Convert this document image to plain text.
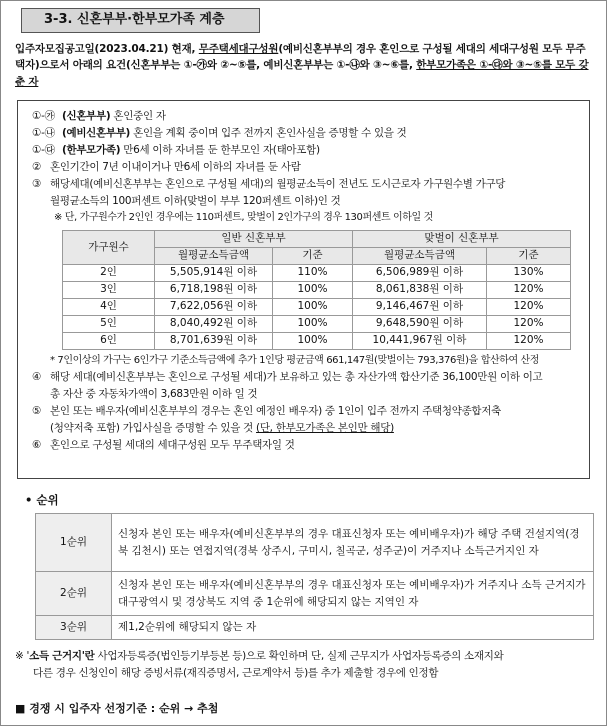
3-3. 신혼부부·한부모가족 계층
입주자모집공고일(2023.04.21) 현재, 무주택세대구성원(예비신혼부부의 경우 혼인으로 구성될 세대의 세대구성원 모두 무주택자)으로서 아래의 요건(신혼부부는 ①-㉮와 ②~⑤를, 예비신혼부부는 ①-㉯와 ③~⑥를, 한부모가족은 ①-㉰와 ③~⑤를 모두 갖춘 자
①-㉮ (신혼부부) 혼인중인 자
①-㉯ (예비신혼부부) 혼인을 계획 중이며 입주 전까지 혼인사실을 증명할 수 있을 것
①-㉰ (한부모가족) 만6세 이하 자녀를 둔 한부모인 자(태아포함)
② 혼인기간이 7년 이내이거나 만6세 이하의 자녀를 둔 사람
③ 해당세대(예비신혼부부는 혼인으로 구성될 세대)의 월평균소득이 전년도 도시근로자 가구원수별 가구당
월평균소득의 100퍼센트 이하(맞벌이 부부 120퍼센트 이하)인 것
※ 단, 가구원수가 2인인 경우에는 110퍼센트, 맞벌이 2인가구의 경우 130퍼센트 이하일 것
가구원수	일반 신혼부부		맞벌이 신혼부부	
	월평균소득금액	기준	월평균소득금액	기준
2인	5,505,914원 이하	110%	6,506,989원 이하	130%
3인	6,718,198원 이하	100%	8,061,838원 이하	120%
4인	7,622,056원 이하	100%	9,146,467원 이하	120%
5인	8,040,492원 이하	100%	9,648,590원 이하	120%
6인	8,701,639원 이하	100%	10,441,967원 이하	120%
* 7인이상의 가구는 6인가구 기준소득금액에 추가 1인당 평균금액 661,147원(맞벌이는 793,376원)을 합산하여 산정
④ 해당 세대(예비신혼부부는 혼인으로 구성될 세대)가 보유하고 있는 총 자산가액 합산기준 36,100만원 이하 이고
총 자산 중 자동차가액이 3,683만원 이하 일 것
⑤ 본인 또는 배우자(예비신혼부부의 경우는 혼인 예정인 배우자) 중 1인이 입주 전까지 주택청약종합저축
(청약저축 포함) 가입사실을 증명할 수 있을 것 (단, 한부모가족은 본인만 해당)
⑥ 혼인으로 구성될 세대의 세대구성원 모두 무주택자일 것
• 순위
1순위	신청자 본인 또는 배우자(예비신혼부부의 경우 대표신청자 또는 예비배우자)가 해당 주택 건설지역(경북 김천시) 또는 연접지역(경북 상주시, 구미시, 칠곡군, 성주군)이 거주지나 소득근거지인 자
2순위	신청자 본인 또는 배우자(예비신혼부부의 경우 대표신청자 또는 예비배우자)가 거주지나 소득 근거지가 대구광역시 및 경상북도 지역 중 1순위에 해당되지 않는 지역인 자
3순위	제1,2순위에 해당되지 않는 자
※ '소득 근거지'란 사업자등록증(법인등기부등본 등)으로 확인하며 단, 실제 근무지가 사업자등록증의 소재지와
다른 경우 신청인이 해당 증빙서류(재직증명서, 근로계약서 등)를 추가 제출할 경우에 인정함
■ 경쟁 시 입주자 선정기준 : 순위 → 추첨
